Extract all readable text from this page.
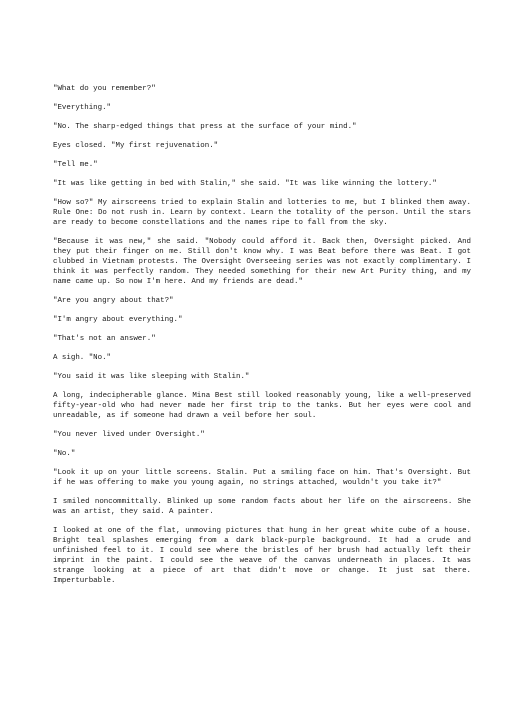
"What do you remember?"

"Everything."

"No. The sharp-edged things that press at the surface of your mind."

Eyes closed. "My first rejuvenation."

"Tell me."

"It was like getting in bed with Stalin," she said. "It was like winning the lottery."

"How so?" My airscreens tried to explain Stalin and lotteries to me, but I blinked them away. Rule One: Do not rush in. Learn by context. Learn the totality of the person. Until the stars are ready to become constellations and the names ripe to fall from the sky.

"Because it was new," she said. "Nobody could afford it. Back then, Oversight picked. And they put their finger on me. Still don't know why. I was Beat before there was Beat. I got clubbed in Vietnam protests. The Oversight Overseeing series was not exactly complimentary. I think it was perfectly random. They needed something for their new Art Purity thing, and my name came up. So now I'm here. And my friends are dead."

"Are you angry about that?"

"I'm angry about everything."

"That's not an answer."

A sigh. "No."

"You said it was like sleeping with Stalin."

A long, indecipherable glance. Mina Best still looked reasonably young, like a well-preserved fifty-year-old who had never made her first trip to the tanks. But her eyes were cool and unreadable, as if someone had drawn a veil before her soul.

"You never lived under Oversight."

"No."

"Look it up on your little screens. Stalin. Put a smiling face on him. That's Oversight. But if he was offering to make you young again, no strings attached, wouldn't you take it?"

I smiled noncommittally. Blinked up some random facts about her life on the airscreens. She was an artist, they said. A painter.

I looked at one of the flat, unmoving pictures that hung in her great white cube of a house. Bright teal splashes emerging from a dark black-purple background. It had a crude and unfinished feel to it. I could see where the bristles of her brush had actually left their imprint in the paint. I could see the weave of the canvas underneath in places. It was strange looking at a piece of art that didn't move or change. It just sat there. Imperturbable.
